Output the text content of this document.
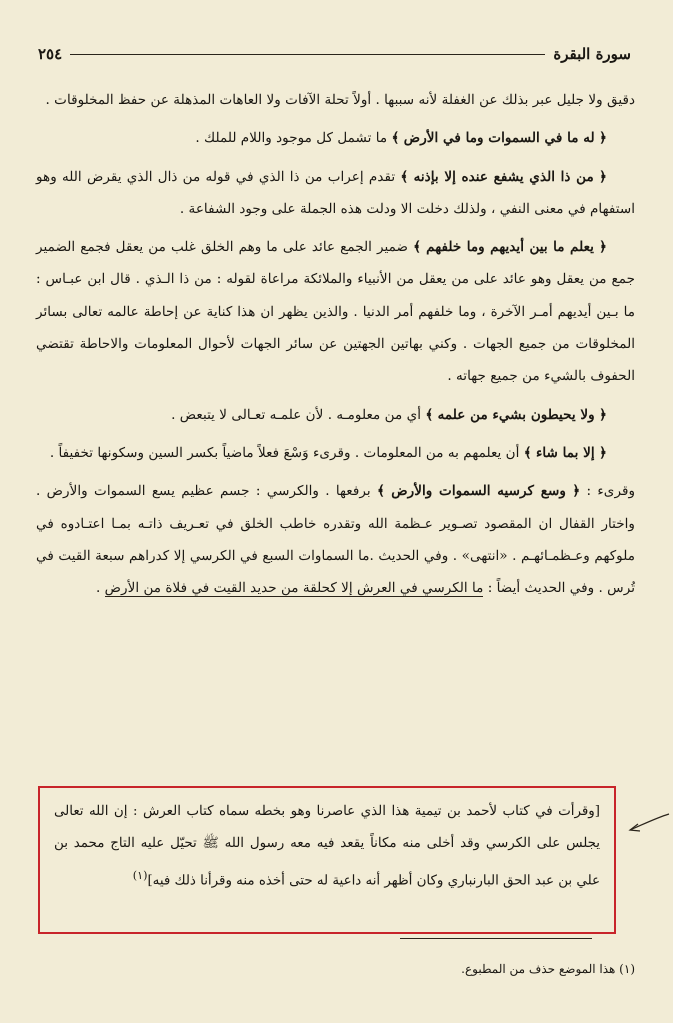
سورة البقرة
٢٥٤

دقيق ولا جليل عبر بذلك عن الغفلة لأنه سببها . أولاً تحلة الآفات ولا العاهات المذهلة عن حفظ المخلوقات .

﴿ له ما في السموات وما في الأرض ﴾ ما تشمل كل موجود واللام للملك .

﴿ من ذا الذي يشفع عنده إلا بإذنه ﴾ تقدم إعراب من ذا الذي في قوله من ذال الذي يقرض الله وهو استفهام في معنى النفي ، ولذلك دخلت الا ودلت هذه الجملة على وجود الشفاعة .

﴿ يعلم ما بين أيديهم وما خلفهم ﴾ ضمير الجمع عائد على ما وهم الخلق غلب من يعقل فجمع الضمير جمع من يعقل وهو عائد على من يعقل من الأنبياء والملائكة مراعاة لقوله : من ذا الـذي . قال ابن عبـاس : ما بـين أيديهم أمـر الآخرة ، وما خلفهم أمر الدنيا . والذين يظهر ان هذا كناية عن إحاطة عالمه تعالى بسائر المخلوقات من جميع الجهات . وكني بهاتين الجهتين عن سائر الجهات لأحوال المعلومات والاحاطة تقتضي الحفوف بالشيء من جميع جهاته .

﴿ ولا يحيطون بشيء من علمه ﴾ أي من معلومـه . لأن علمـه تعـالى لا يتبعض .

﴿ إلا بما شاء ﴾ أن يعلمهم به من المعلومات . وقرىء وَسْعَ فعلاً ماضياً بكسر السين وسكونها تخفيفاً .

وقرىء : ﴿ وسع كرسيه السموات والأرض ﴾ برفعها . والكرسي : جسم عظيم يسع السموات والأرض . واختار القفال ان المقصود تصـوير عـظمة الله وتقدره خاطب الخلق في تعـريف ذاتـه بمـا اعتـادوه في ملوكهم وعـظمـائهـم . «انتهى» . وفي الحديث .ما السماوات السبع في الكرسي إلا كدراهم سبعة القيت في تُرس . وفي الحديث أيضاً : ما الكرسي في العرش إلا كحلقة من حديد القيت في فلاة من الأرض .

[وقرأت في كتاب لأحمد بن تيمية هذا الذي عاصرنا وهو بخطه سماه كتاب العرش : إن الله تعالى يجلس على الكرسي وقد أخلى منه مكاناً يقعد فيه معه رسول الله ﷺ تحيّل عليه التاج محمد بن علي بن عبد الحق البارنباري وكان أظهر أنه داعية له حتى أخذه منه وقرأنا ذلك فيه]$^{(١)}$
(١) هذا الموضع حذف من المطبوع.
